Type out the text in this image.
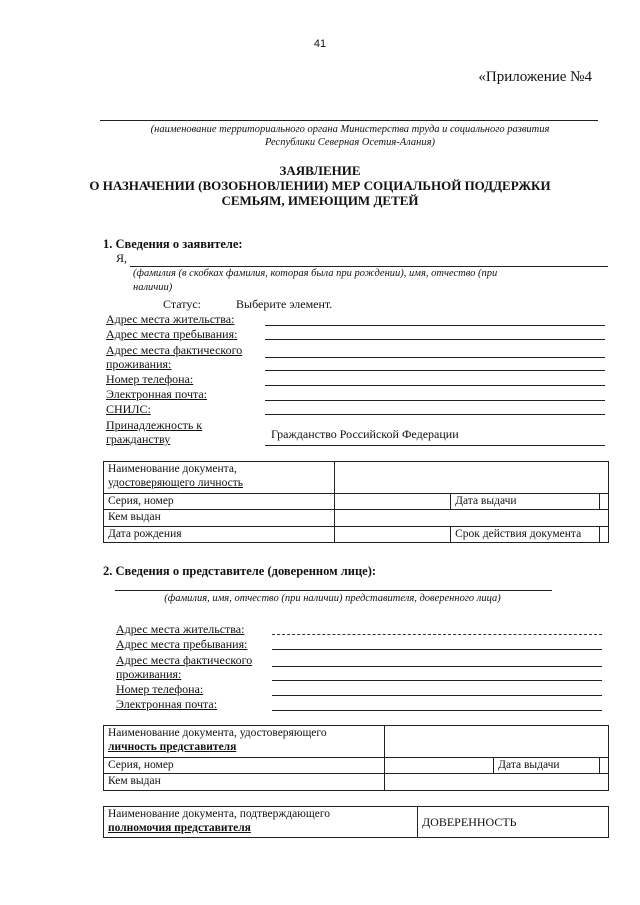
41
«Приложение №4
(наименование территориального органа Министерства труда и социального развития
Республики Северная Осетия-Алания)
ЗАЯВЛЕНИЕ
О НАЗНАЧЕНИИ (ВОЗОБНОВЛЕНИИ) МЕР СОЦИАЛЬНОЙ ПОДДЕРЖКИ
СЕМЬЯМ, ИМЕЮЩИМ ДЕТЕЙ
1. Сведения о заявителе:
Я,
(фамилия (в скобках фамилия, которая была при рождении), имя, отчество (при
наличии)
Статус:	Выберите элемент.
Адрес места жительства:
Адрес места пребывания:
Адрес места фактического
проживания:
Номер телефона:
Электронная почта:
СНИЛС:
Принадлежность к
гражданству	Гражданство Российской Федерации
Наименование документа,
удостоверяющего личность			

Серия, номер		Дата выдачи	
Кем выдан			
Дата рождения		Срок действия документа	
2. Сведения о представителе (доверенном лице):
(фамилия, имя, отчество (при наличии) представителя, доверенного лица)
Адрес места жительства:
Адрес места пребывания:
Адрес места фактического
проживания:
Номер телефона:
Электронная почта:
Наименование документа, удостоверяющего
личность представителя			

Серия, номер		Дата выдачи	
Кем выдан			
Наименование документа, подтверждающего
полномочия представителя	ДОВЕРЕННОСТЬ
